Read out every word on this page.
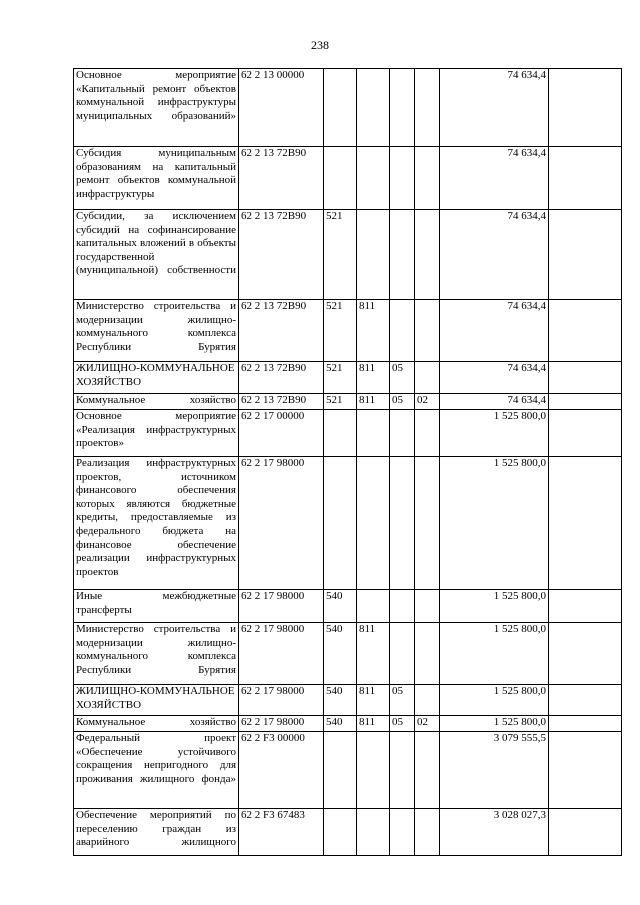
238
Основное мероприятие «Капитальный ремонт объектов коммунальной инфраструктуры муниципальных образований»	62 2 13 00000					74 634,4	
Субсидия муниципальным образованиям на капитальный ремонт объектов коммунальной инфраструктуры	62 2 13 72В90					74 634,4	
Субсидии, за исключением субсидий на софинансирование капитальных вложений в объекты государственной (муниципальной) собственности	62 2 13 72В90	521				74 634,4	
Министерство строительства и модернизации жилищно-коммунального комплекса Республики Бурятия	62 2 13 72В90	521	811			74 634,4	
ЖИЛИЩНО-КОММУНАЛЬНОЕ ХОЗЯЙСТВО	62 2 13 72В90	521	811	05		74 634,4	
Коммунальное хозяйство	62 2 13 72В90	521	811	05	02	74 634,4	
Основное мероприятие «Реализация инфраструктурных проектов»	62 2 17 00000					1 525 800,0	
Реализация инфраструктурных проектов, источником финансового обеспечения которых являются бюджетные кредиты, предоставляемые из федерального бюджета на финансовое обеспечение реализации инфраструктурных проектов	62 2 17 98000					1 525 800,0	
Иные межбюджетные трансферты	62 2 17 98000	540				1 525 800,0	
Министерство строительства и модернизации жилищно-коммунального комплекса Республики Бурятия	62 2 17 98000	540	811			1 525 800,0	
ЖИЛИЩНО-КОММУНАЛЬНОЕ ХОЗЯЙСТВО	62 2 17 98000	540	811	05		1 525 800,0	
Коммунальное хозяйство	62 2 17 98000	540	811	05	02	1 525 800,0	
Федеральный проект «Обеспечение устойчивого сокращения непригодного для проживания жилищного фонда»	62 2 F3 00000					3 079 555,5	
Обеспечение мероприятий по переселению граждан из аварийного жилищного	62 2 F3 67483					3 028 027,3	
